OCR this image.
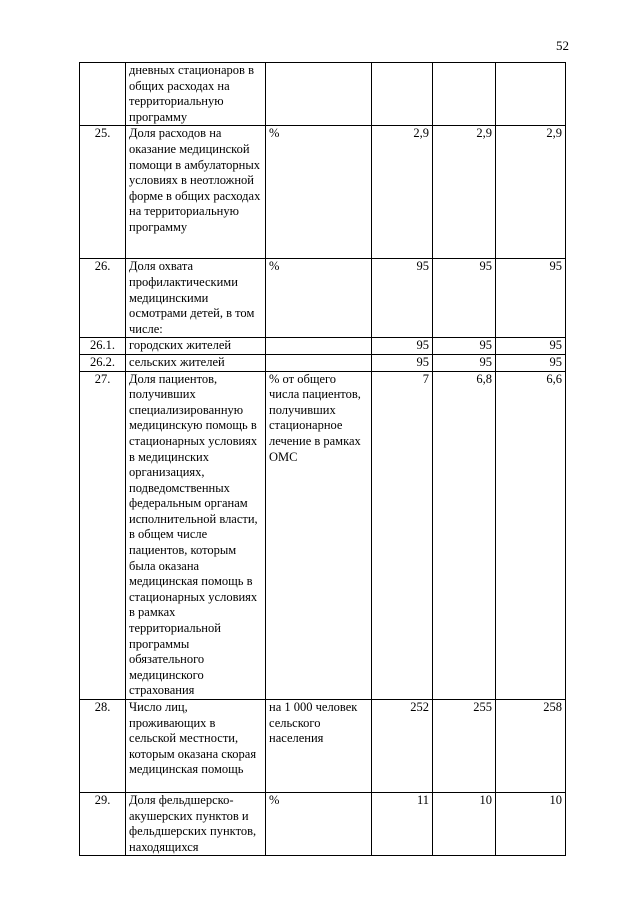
52
	дневных стационаров в общих расходах на территориальную программу				
25.	Доля расходов на оказание медицинской помощи в амбулаторных условиях в неотложной форме в общих расходах на территориальную программу	%	2,9	2,9	2,9
26.	Доля охвата профилактическими медицинскими осмотрами детей, в том числе:	%	95	95	95
26.1.	городских жителей		95	95	95
26.2.	сельских жителей		95	95	95
27.	Доля пациентов, получивших специализированную медицинскую помощь в стационарных условиях в медицинских организациях, подведомственных федеральным органам исполнительной власти, в общем числе пациентов, которым была оказана медицинская помощь в стационарных условиях в рамках территориальной программы обязательного медицинского страхования	% от общего числа пациентов, получивших стационарное лечение в рамках ОМС	7	6,8	6,6
28.	Число лиц, проживающих в сельской местности, которым оказана скорая медицинская помощь	на 1 000 человек сельского населения	252	255	258
29.	Доля фельдшерско-акушерских пунктов и фельдшерских пунктов, находящихся	%	11	10	10
